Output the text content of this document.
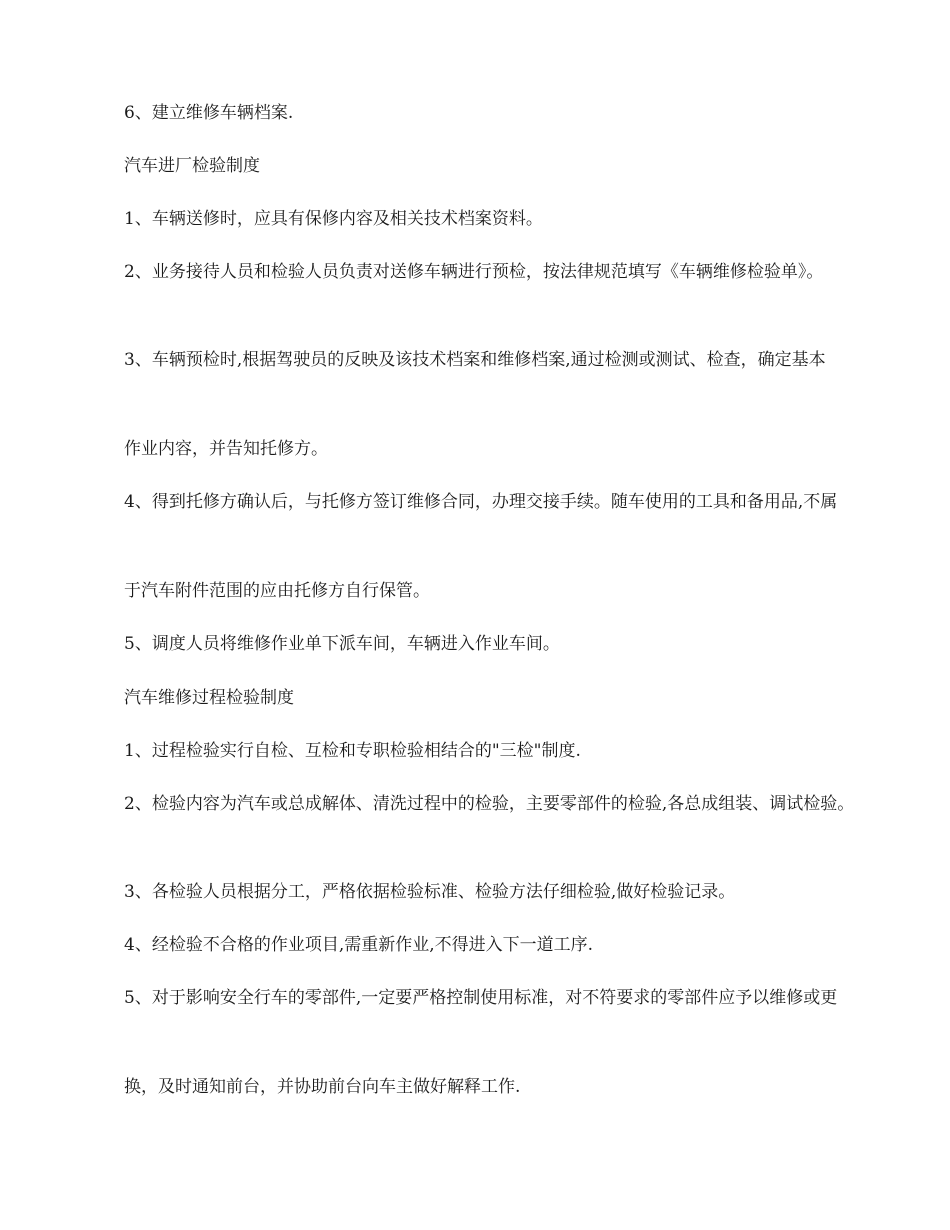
6、建立维修车辆档案.

汽车进厂检验制度

1、车辆送修时，应具有保修内容及相关技术档案资料。

2、业务接待人员和检验人员负责对送修车辆进行预检，按法律规范填写《车辆维修检验单》。

3、车辆预检时,根据驾驶员的反映及该技术档案和维修档案,通过检测或测试、检查，确定基本

作业内容，并告知托修方。

4、得到托修方确认后，与托修方签订维修合同，办理交接手续。随车使用的工具和备用品,不属

于汽车附件范围的应由托修方自行保管。

5、调度人员将维修作业单下派车间，车辆进入作业车间。

汽车维修过程检验制度

1、过程检验实行自检、互检和专职检验相结合的"三检"制度.

2、检验内容为汽车或总成解体、清洗过程中的检验，主要零部件的检验,各总成组装、调试检验。

3、各检验人员根据分工，严格依据检验标准、检验方法仔细检验,做好检验记录。

4、经检验不合格的作业项目,需重新作业,不得进入下一道工序.

5、对于影响安全行车的零部件,一定要严格控制使用标准，对不符要求的零部件应予以维修或更

换，及时通知前台，并协助前台向车主做好解释工作.
